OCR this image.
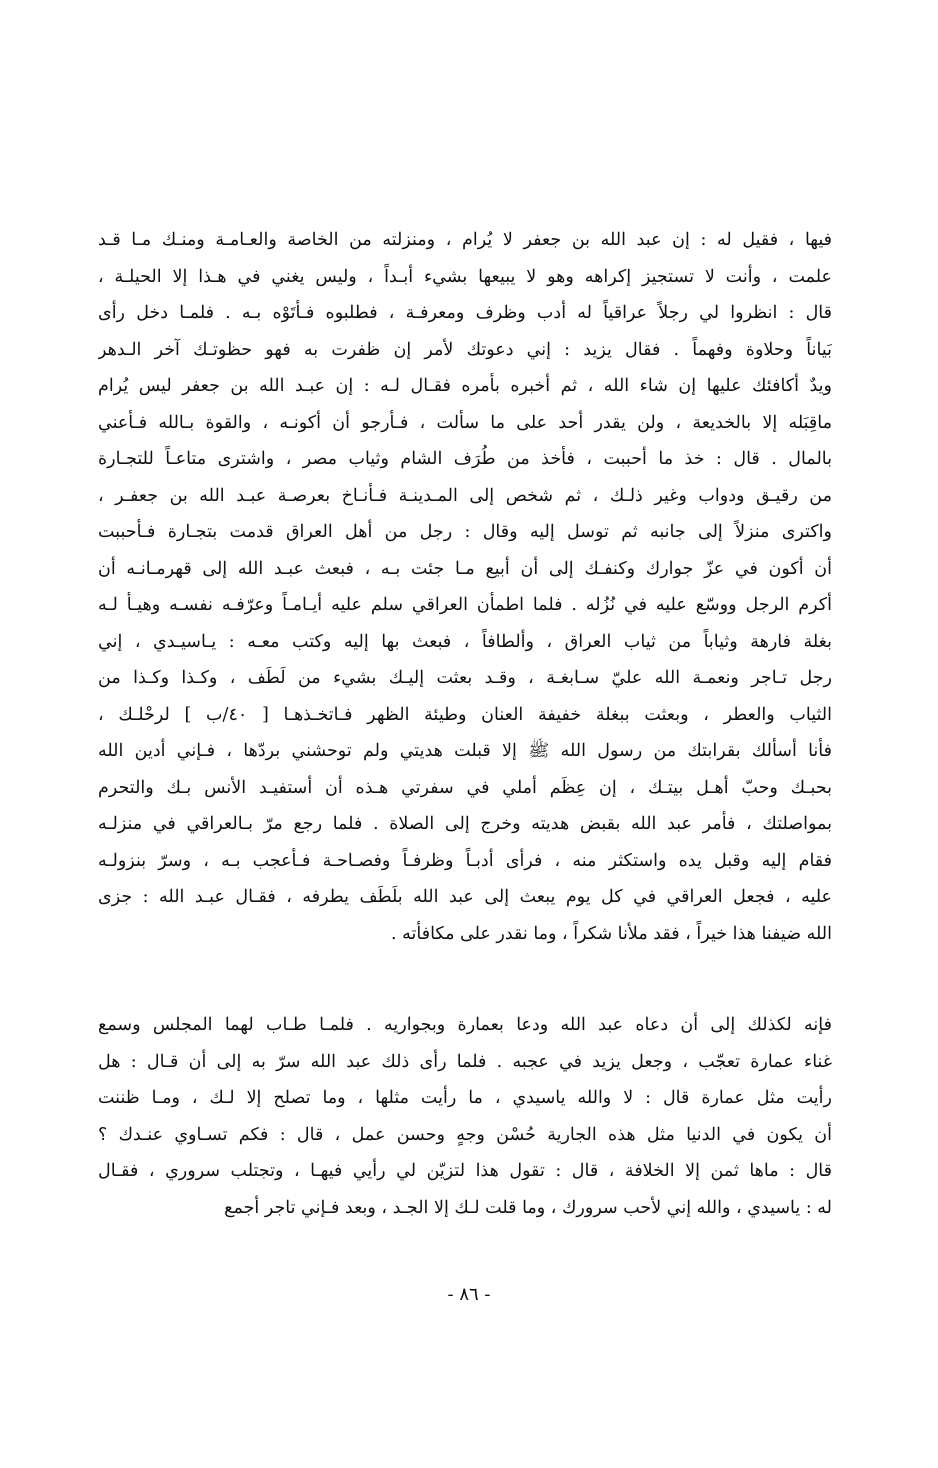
فيها ، فقيل له : إن عبد الله بن جعفر لا يُرام ، ومنزلته من الخاصة والعـامـة ومنـك مـا قـد
علمت ، وأنت لا تستجيز إكراهه وهو لا يبيعها بشيء أبـداً ، وليس يغني في هـذا إلا الحيلـة ،
قال : انظروا لي رجلاً عراقياً له أدب وظرف ومعرفـة ، فطلبوه فـأتَوْه بـه . فلمـا دخل رأى
بَياناً وحلاوة وفهماً . فقال يزيد : إني دعوتك لأمر إن ظفرت به فهو حظوتـك آخر الـدهر
ويدٌ أكافئك عليها إن شاء الله ، ثم أخبره بأمره فقـال لـه : إن عبـد الله بن جعفر ليس يُرام
ماقِبَله إلا بالخديعة ، ولن يقدر أحد على ما سألت ، فـأرجو أن أكونـه ، والقوة بـالله فـأعني
بالمال . قال : خذ ما أحببت ، فأخذ من طُرَف الشام وثياب مصر ، واشترى متاعـاً للتجـارة
من رقيـق ودواب وغير ذلـك ، ثم شخص إلى المـدينـة فـأنـاخ بعرصـة عبـد الله بن جعفـر ،
واكترى منزلاً إلى جانبه ثم توسل إليه وقال : رجل من أهل العراق قدمت بتجـارة فـأحببت
أن أكون في عزّ جوارك وكنفـك إلى أن أبيع مـا جئت بـه ، فبعث عبـد الله إلى قهرمـانـه أن
أكرم الرجل ووسّع عليه في نُزُله . فلما اطمأن العراقي سلم عليه أيـامـاً وعرّفـه نفسـه وهيـأ لـه
بغلة فارهة وثياباً من ثياب العراق ، وألطافاً ، فبعث بها إليه وكتب معـه : يـاسيـدي ، إني
رجل تـاجر ونعمـة الله عليّ سـابغـة ، وقـد بعثت إليـك بشيء من لَطَف ، وكـذا وكـذا من
الثياب والعطر ، وبعثت ببغلة خفيفة العنان وطيئة الظهر فـاتخـذهـا [ ٤٠/ب ] لرحْلـك ،
فأنا أسألك بقرابتك من رسول الله ﷺ إلا قبلت هديتي ولم توحشني بردّها ، فـإني أدين الله
بحبـك وحبّ أهـل بيتـك ، إن عِظَم أملي في سفرتي هـذه أن أستفيـد الأنس بـك والتحرم
بمواصلتك ، فأمر عبد الله بقبض هديته وخرج إلى الصلاة . فلما رجع مرّ بـالعراقي في منزلـه
فقام إليه وقبل يده واستكثر منه ، فرأى أدبـاً وظرفـاً وفصـاحـة فـأعجب بـه ، وسرّ بنزولـه
عليه ، فجعل العراقي في كل يوم يبعث إلى عبد الله بلَطَف يطرفه ، فقـال عبـد الله : جزى
الله ضيفنا هذا خيراً ، فقد ملأنا شكراً ، وما نقدر على مكافأته .
فإنه لكذلك إلى أن دعاه عبد الله ودعا بعمارة وبجواريه . فلمـا طـاب لهما المجلس وسمع
غناء عمارة تعجّب ، وجعل يزيد في عجبه . فلما رأى ذلك عبد الله سرّ به إلى أن قـال : هل
رأيت مثل عمارة قال : لا والله ياسيدي ، ما رأيت مثلها ، وما تصلح إلا لـك ، ومـا ظننت
أن يكون في الدنيا مثل هذه الجارية حُسْن وجهٍ وحسن عمل ، قال : فكم تسـاوي عنـدك ؟
قال : ماها ثمن إلا الخلافة ، قال : تقول هذا لتزيّن لي رأيي فيهـا ، وتجتلب سروري ، فقـال
له : ياسيدي ، والله إني لأحب سرورك ، وما قلت لـك إلا الجـد ، وبعد فـإني تاجر أجمع
- ٨٦ -
